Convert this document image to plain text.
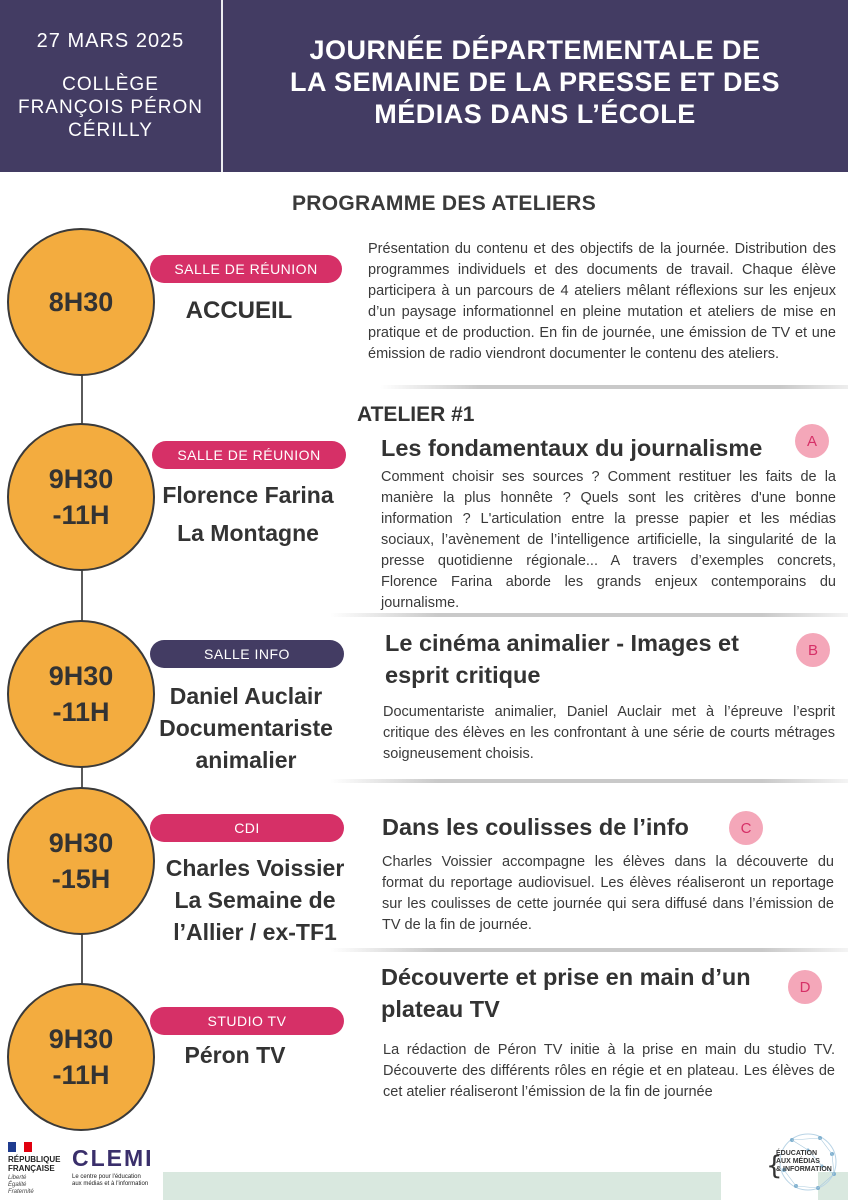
27 MARS 2025
COLLÈGE
FRANÇOIS PÉRON
CÉRILLY
JOURNÉE DÉPARTEMENTALE DE
LA SEMAINE DE LA PRESSE ET DES
MÉDIAS DANS L’ÉCOLE
PROGRAMME DES ATELIERS
8H30
SALLE DE RÉUNION
ACCUEIL
Présentation du contenu et des objectifs de la journée. Distribution des programmes individuels et des documents de travail. Chaque élève participera à un parcours de 4 ateliers mêlant réflexions sur les enjeux d’un paysage informationnel en pleine mutation et ateliers de mise en pratique et de production. En fin de journée, une émission de TV et une émission de radio viendront documenter le contenu des ateliers.
ATELIER #1
9H30
-11H
SALLE DE RÉUNION
Florence Farina
La Montagne
Les fondamentaux du journalisme	A
Comment choisir ses sources ? Comment restituer les faits de la manière la plus honnête ? Quels sont les critères d'une bonne information ? L'articulation entre la presse papier et les médias sociaux, l’avènement de l’intelligence artificielle, la singularité de la presse quotidienne régionale... A travers d’exemples concrets, Florence Farina aborde les grands enjeux contemporains du journalisme.
9H30
-11H
SALLE INFO
Daniel Auclair
Documentariste
animalier
Le cinéma animalier - Images et
esprit critique
B
Documentariste animalier, Daniel Auclair met à l’épreuve l’esprit critique des élèves en les confrontant à une série de courts métrages soigneusement choisis.
9H30
-15H
CDI
Charles Voissier
La Semaine de
l’Allier / ex-TF1
Dans les coulisses de l’info	C
Charles Voissier accompagne les élèves dans la découverte du format du reportage audiovisuel. Les élèves réaliseront un reportage sur les coulisses de cette journée qui sera diffusé dans l’émission de TV de la fin de journée.
9H30
-11H
STUDIO TV
Péron TV
Découverte et prise en main d’un
plateau TV
D
La rédaction de Péron TV initie à la prise en main du studio TV. Découverte des différents rôles en régie et en plateau. Les élèves de cet atelier réaliseront l’émission de la fin de journée
RÉPUBLIQUE
FRANÇAISE
Liberté
Égalité
Fraternité
CLEMI
Le centre pour l'éducation
aux médias et à l'information
{
ÉDUCATION
AUX MÉDIAS
& INFORMATION
